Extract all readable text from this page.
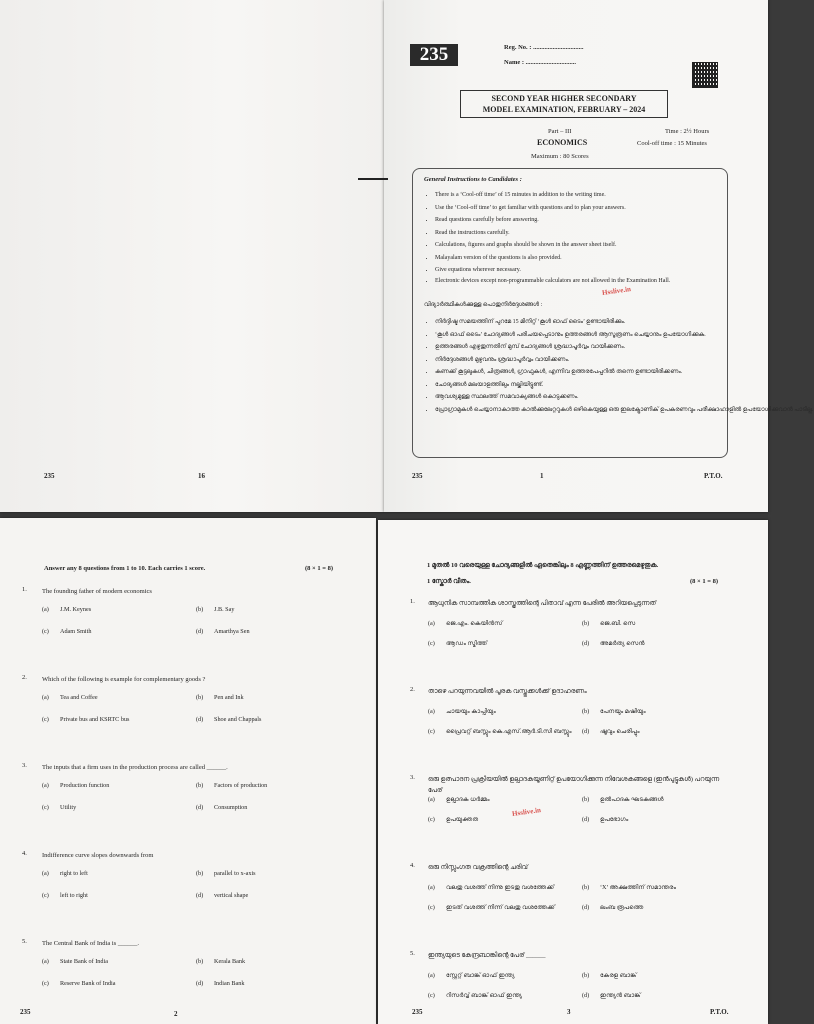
235	16
235	Reg. No. : ...............................
Name : ...............................
SECOND YEAR HIGHER SECONDARY
MODEL EXAMINATION, FEBRUARY – 2024
Part – III
ECONOMICS
Maximum : 80 Scores
Time : 2½ Hours
Cool-off time : 15 Minutes
General Instructions to Candidates :
• There is a ‘Cool-off time’ of 15 minutes in addition to the writing time.
• Use the ‘Cool-off time’ to get familiar with questions and to plan your answers.
• Read questions carefully before answering.
• Read the instructions carefully.
• Calculations, figures and graphs should be shown in the answer sheet itself.
• Malayalam version of the questions is also provided.
• Give equations wherever necessary.
• Electronic devices except non-programmable calculators are not allowed in the Examination Hall.
വിദ്യാർത്ഥികൾക്കുള്ള പൊതുനിർദ്ദേശങ്ങൾ :
• നിർദ്ദിഷ്ട സമയത്തിന് പുറമേ 15 മിനിറ്റ് ‘കൂൾ ഓഫ് ടൈം’ ഉണ്ടായിരിക്കും.
• ‘കൂൾ ഓഫ് ടൈം’ ചോദ്യങ്ങൾ പരിചയപ്പെടാനും ഉത്തരങ്ങൾ ആസൂത്രണം ചെയ്യാനും ഉപയോഗിക്കുക.
• ഉത്തരങ്ങൾ എഴുതുന്നതിന് മുമ്പ് ചോദ്യങ്ങൾ ശ്രദ്ധാപൂർവ്വം വായിക്കണം.
• നിർദ്ദേശങ്ങൾ മുഴുവനും ശ്രദ്ധാപൂർവ്വം വായിക്കണം.
• കണക്ക് കൂട്ടലുകൾ, ചിത്രങ്ങൾ, ഗ്രാഫുകൾ, എന്നിവ ഉത്തരപേപ്പറിൽ തന്നെ ഉണ്ടായിരിക്കണം.
• ചോദ്യങ്ങൾ മലയാളത്തിലും നല്കിയിട്ടുണ്ട്.
• ആവശ്യമുള്ള സ്ഥലത്ത് സമവാക്യങ്ങൾ കൊടുക്കണം.
• പ്രോഗ്രാമുകൾ ചെയ്യാനാകാത്ത കാൽക്കുലേറ്ററുകൾ ഒഴികെയുള്ള ഒരു ഇലക്ട്രോണിക് ഉപകരണവും പരീക്ഷാഹാളിൽ ഉപയോഗിക്കുവാൻ പാടില്ല.
Hsslive.in
235	1	P.T.O.
Answer any 8 questions from 1 to 10. Each carries 1 score.	(8 × 1 = 8)
1. The founding father of modern economics
(a) J.M. Keynes	(b) J.B. Say
(c) Adam Smith	(d) Amarthya Sen
2. Which of the following is example for complementary goods ?
(a) Tea and Coffee	(b) Pen and Ink
(c) Private bus and KSRTC bus	(d) Shoe and Chappals
3. The inputs that a firm uses in the production process are called ______.
(a) Production function	(b) Factors of production
(c) Utility	(d) Consumption
4. Indifference curve slopes downwards from
(a) right to left	(b) parallel to x-axis
(c) left to right	(d) vertical shape
5. The Central Bank of India is ______.
(a) State Bank of India	(b) Kerala Bank
(c) Reserve Bank of India	(d) Indian Bank
235	2
1 മുതൽ 10 വരെയുള്ള ചോദ്യങ്ങളിൽ ഏതെങ്കിലും 8 എണ്ണത്തിന് ഉത്തരമെഴുതുക.
1 സ്കോർ വീതം.	(8 × 1 = 8)
1. ആധുനിക സാമ്പത്തിക ശാസ്ത്രത്തിന്റെ പിതാവ് എന്ന പേരിൽ അറിയപ്പെടുന്നത്
(a) ജെ.എം. കെയിൻസ്	(b) ജെ.ബി. സെ
(c) ആഡം സ്മിത്ത്	(d) അമർത്യ സെൻ
2. താഴെ പറയുന്നവയിൽ പൂരക വസ്തുക്കൾക്ക് ഉദാഹരണം
(a) ചായയും കാപ്പിയും	(b) പേനയും മഷിയും
(c) പ്രൈവറ്റ് ബസ്സും കെ.എസ്.ആർ.ടി.സി ബസ്സും (d) ഷൂവും ചെരിപ്പും
3. ഒരു ഉത്പാദന പ്രക്രിയയിൽ ഉല്പാദകയൂണിറ്റ് ഉപയോഗിക്കുന്ന നിവേശകങ്ങളെ (ഇൻപുട്ടുകൾ) പറയുന്ന പേര്
(a) ഉല്പാദക ധർമ്മം	(b) ഉൽപാദക ഘടകങ്ങൾ
(c) ഉപയുക്തത	(d) ഉപഭോഗം
4. ഒരു നിസ്സംഗത വക്രത്തിന്റെ ചരിവ്
(a) വലതു വശത്ത് നിന്നു ഇടതു വശത്തേക്ക്	(b) ‘X’ അക്ഷത്തിന് സമാന്തരം
(c) ഇടത് വശത്ത് നിന്ന് വലതു വശത്തേക്ക്	(d) ലംബ രൂപത്തെ
5. ഇന്ത്യയുടെ കേന്ദ്രബാങ്കിന്റെ പേര് ______
(a) സ്റ്റേറ്റ് ബാങ്ക് ഓഫ് ഇന്ത്യ	(b) കേരള ബാങ്ക്
(c) റിസർവ്വ് ബാങ്ക് ഓഫ് ഇന്ത്യ	(d) ഇന്ത്യൻ ബാങ്ക്
Hsslive.in
235	3	P.T.O.
